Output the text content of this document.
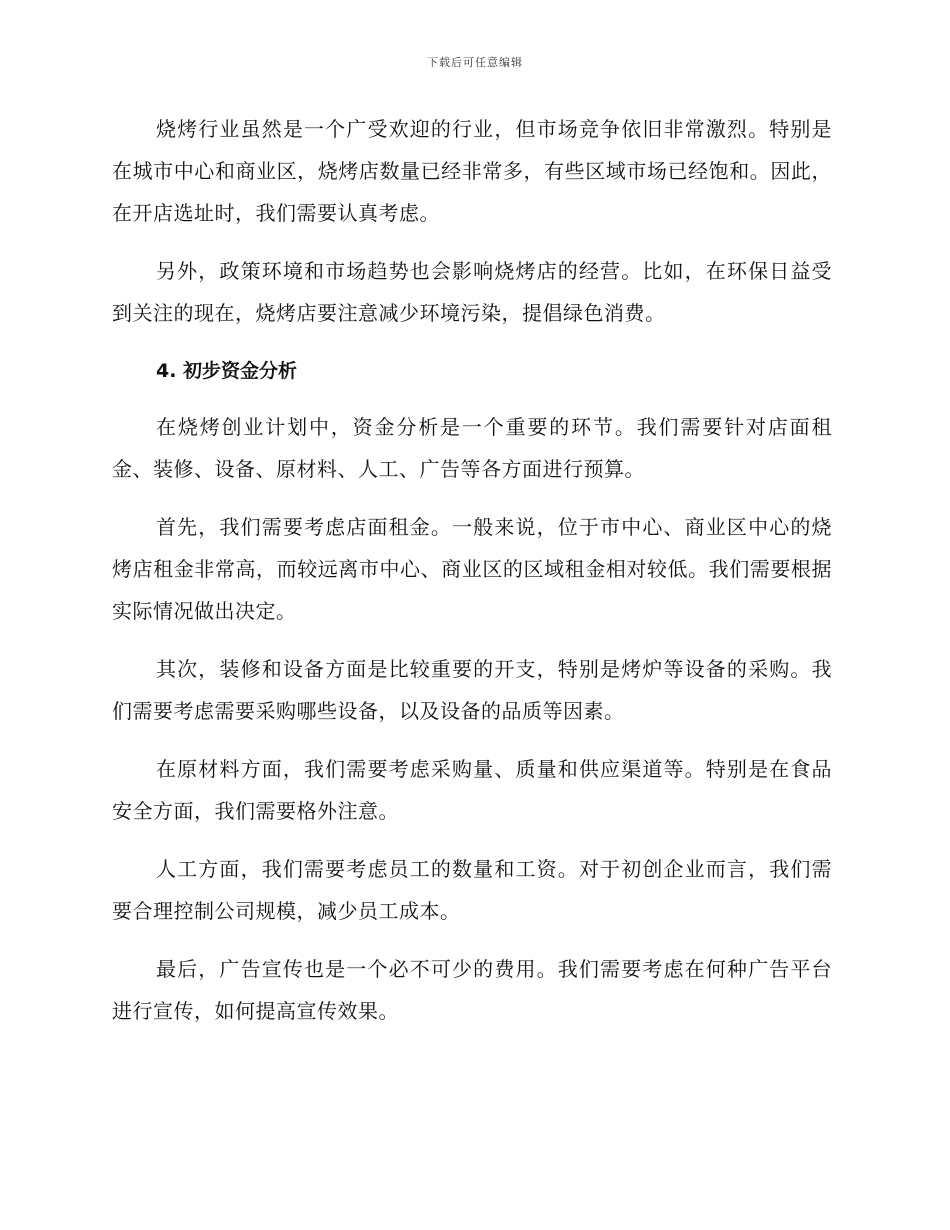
下载后可任意编辑

烧烤行业虽然是一个广受欢迎的行业，但市场竞争依旧非常激烈。特别是在城市中心和商业区，烧烤店数量已经非常多，有些区域市场已经饱和。因此，在开店选址时，我们需要认真考虑。

另外，政策环境和市场趋势也会影响烧烤店的经营。比如，在环保日益受到关注的现在，烧烤店要注意减少环境污染，提倡绿色消费。

4. 初步资金分析

在烧烤创业计划中，资金分析是一个重要的环节。我们需要针对店面租金、装修、设备、原材料、人工、广告等各方面进行预算。

首先，我们需要考虑店面租金。一般来说，位于市中心、商业区中心的烧烤店租金非常高，而较远离市中心、商业区的区域租金相对较低。我们需要根据实际情况做出决定。

其次，装修和设备方面是比较重要的开支，特别是烤炉等设备的采购。我们需要考虑需要采购哪些设备，以及设备的品质等因素。

在原材料方面，我们需要考虑采购量、质量和供应渠道等。特别是在食品安全方面，我们需要格外注意。

人工方面，我们需要考虑员工的数量和工资。对于初创企业而言，我们需要合理控制公司规模，减少员工成本。

最后，广告宣传也是一个必不可少的费用。我们需要考虑在何种广告平台进行宣传，如何提高宣传效果。
